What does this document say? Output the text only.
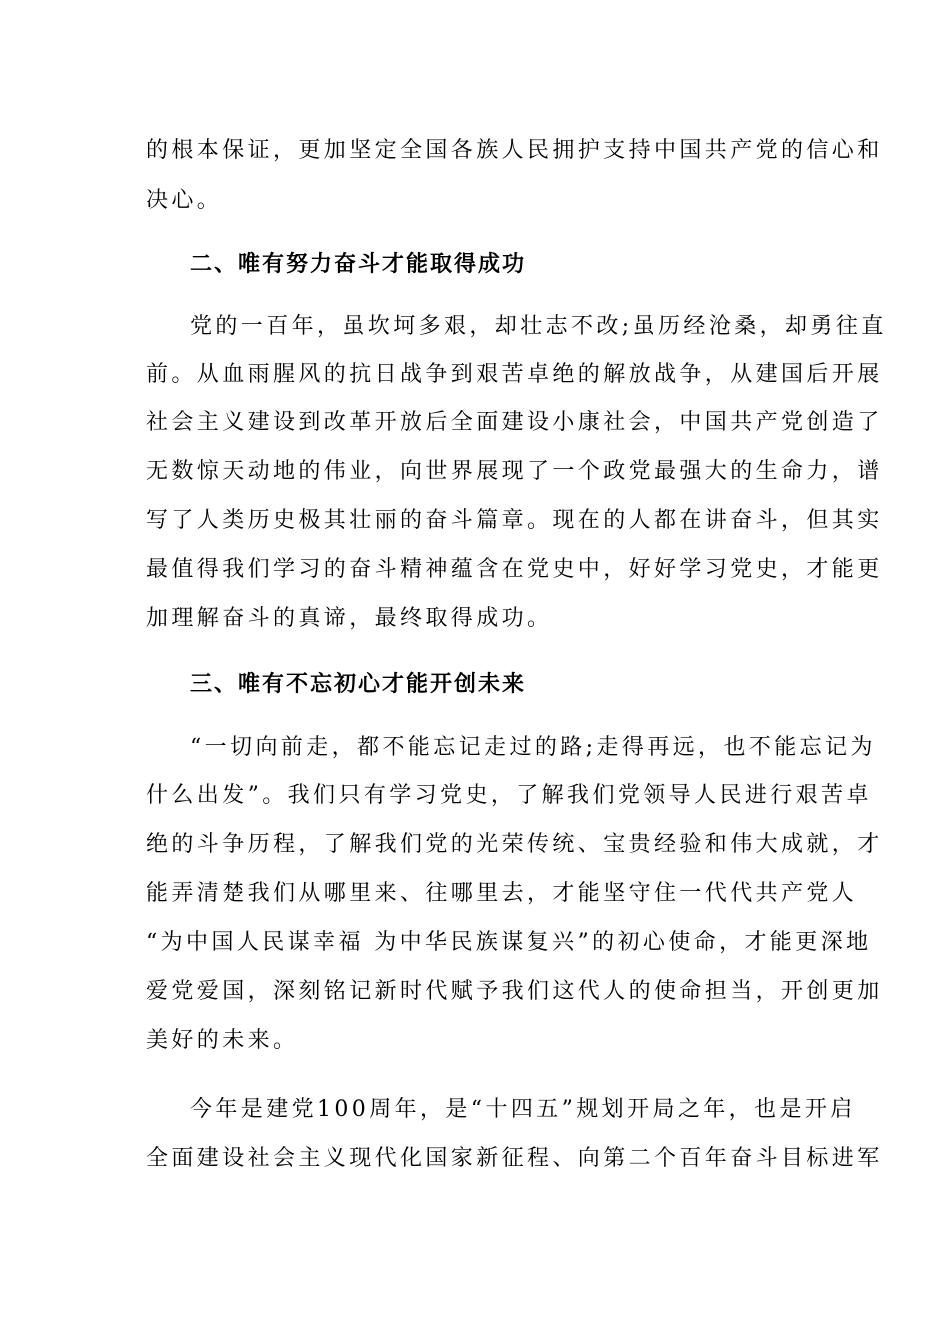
的根本保证，更加坚定全国各族人民拥护支持中国共产党的信心和
决心。
二、唯有努力奋斗才能取得成功
党的一百年，虽坎坷多艰，却壮志不改;虽历经沧桑，却勇往直
前。从血雨腥风的抗日战争到艰苦卓绝的解放战争，从建国后开展
社会主义建设到改革开放后全面建设小康社会，中国共产党创造了
无数惊天动地的伟业，向世界展现了一个政党最强大的生命力，谱
写了人类历史极其壮丽的奋斗篇章。现在的人都在讲奋斗，但其实
最值得我们学习的奋斗精神蕴含在党史中，好好学习党史，才能更
加理解奋斗的真谛，最终取得成功。
三、唯有不忘初心才能开创未来
“一切向前走，都不能忘记走过的路;走得再远，也不能忘记为
什么出发”。我们只有学习党史，了解我们党领导人民进行艰苦卓
绝的斗争历程，了解我们党的光荣传统、宝贵经验和伟大成就，才
能弄清楚我们从哪里来、往哪里去，才能坚守住一代代共产党人
“为中国人民谋幸福 为中华民族谋复兴”的初心使命，才能更深地
爱党爱国，深刻铭记新时代赋予我们这代人的使命担当，开创更加
美好的未来。
今年是建党100周年，是“十四五”规划开局之年，也是开启
全面建设社会主义现代化国家新征程、向第二个百年奋斗目标进军
